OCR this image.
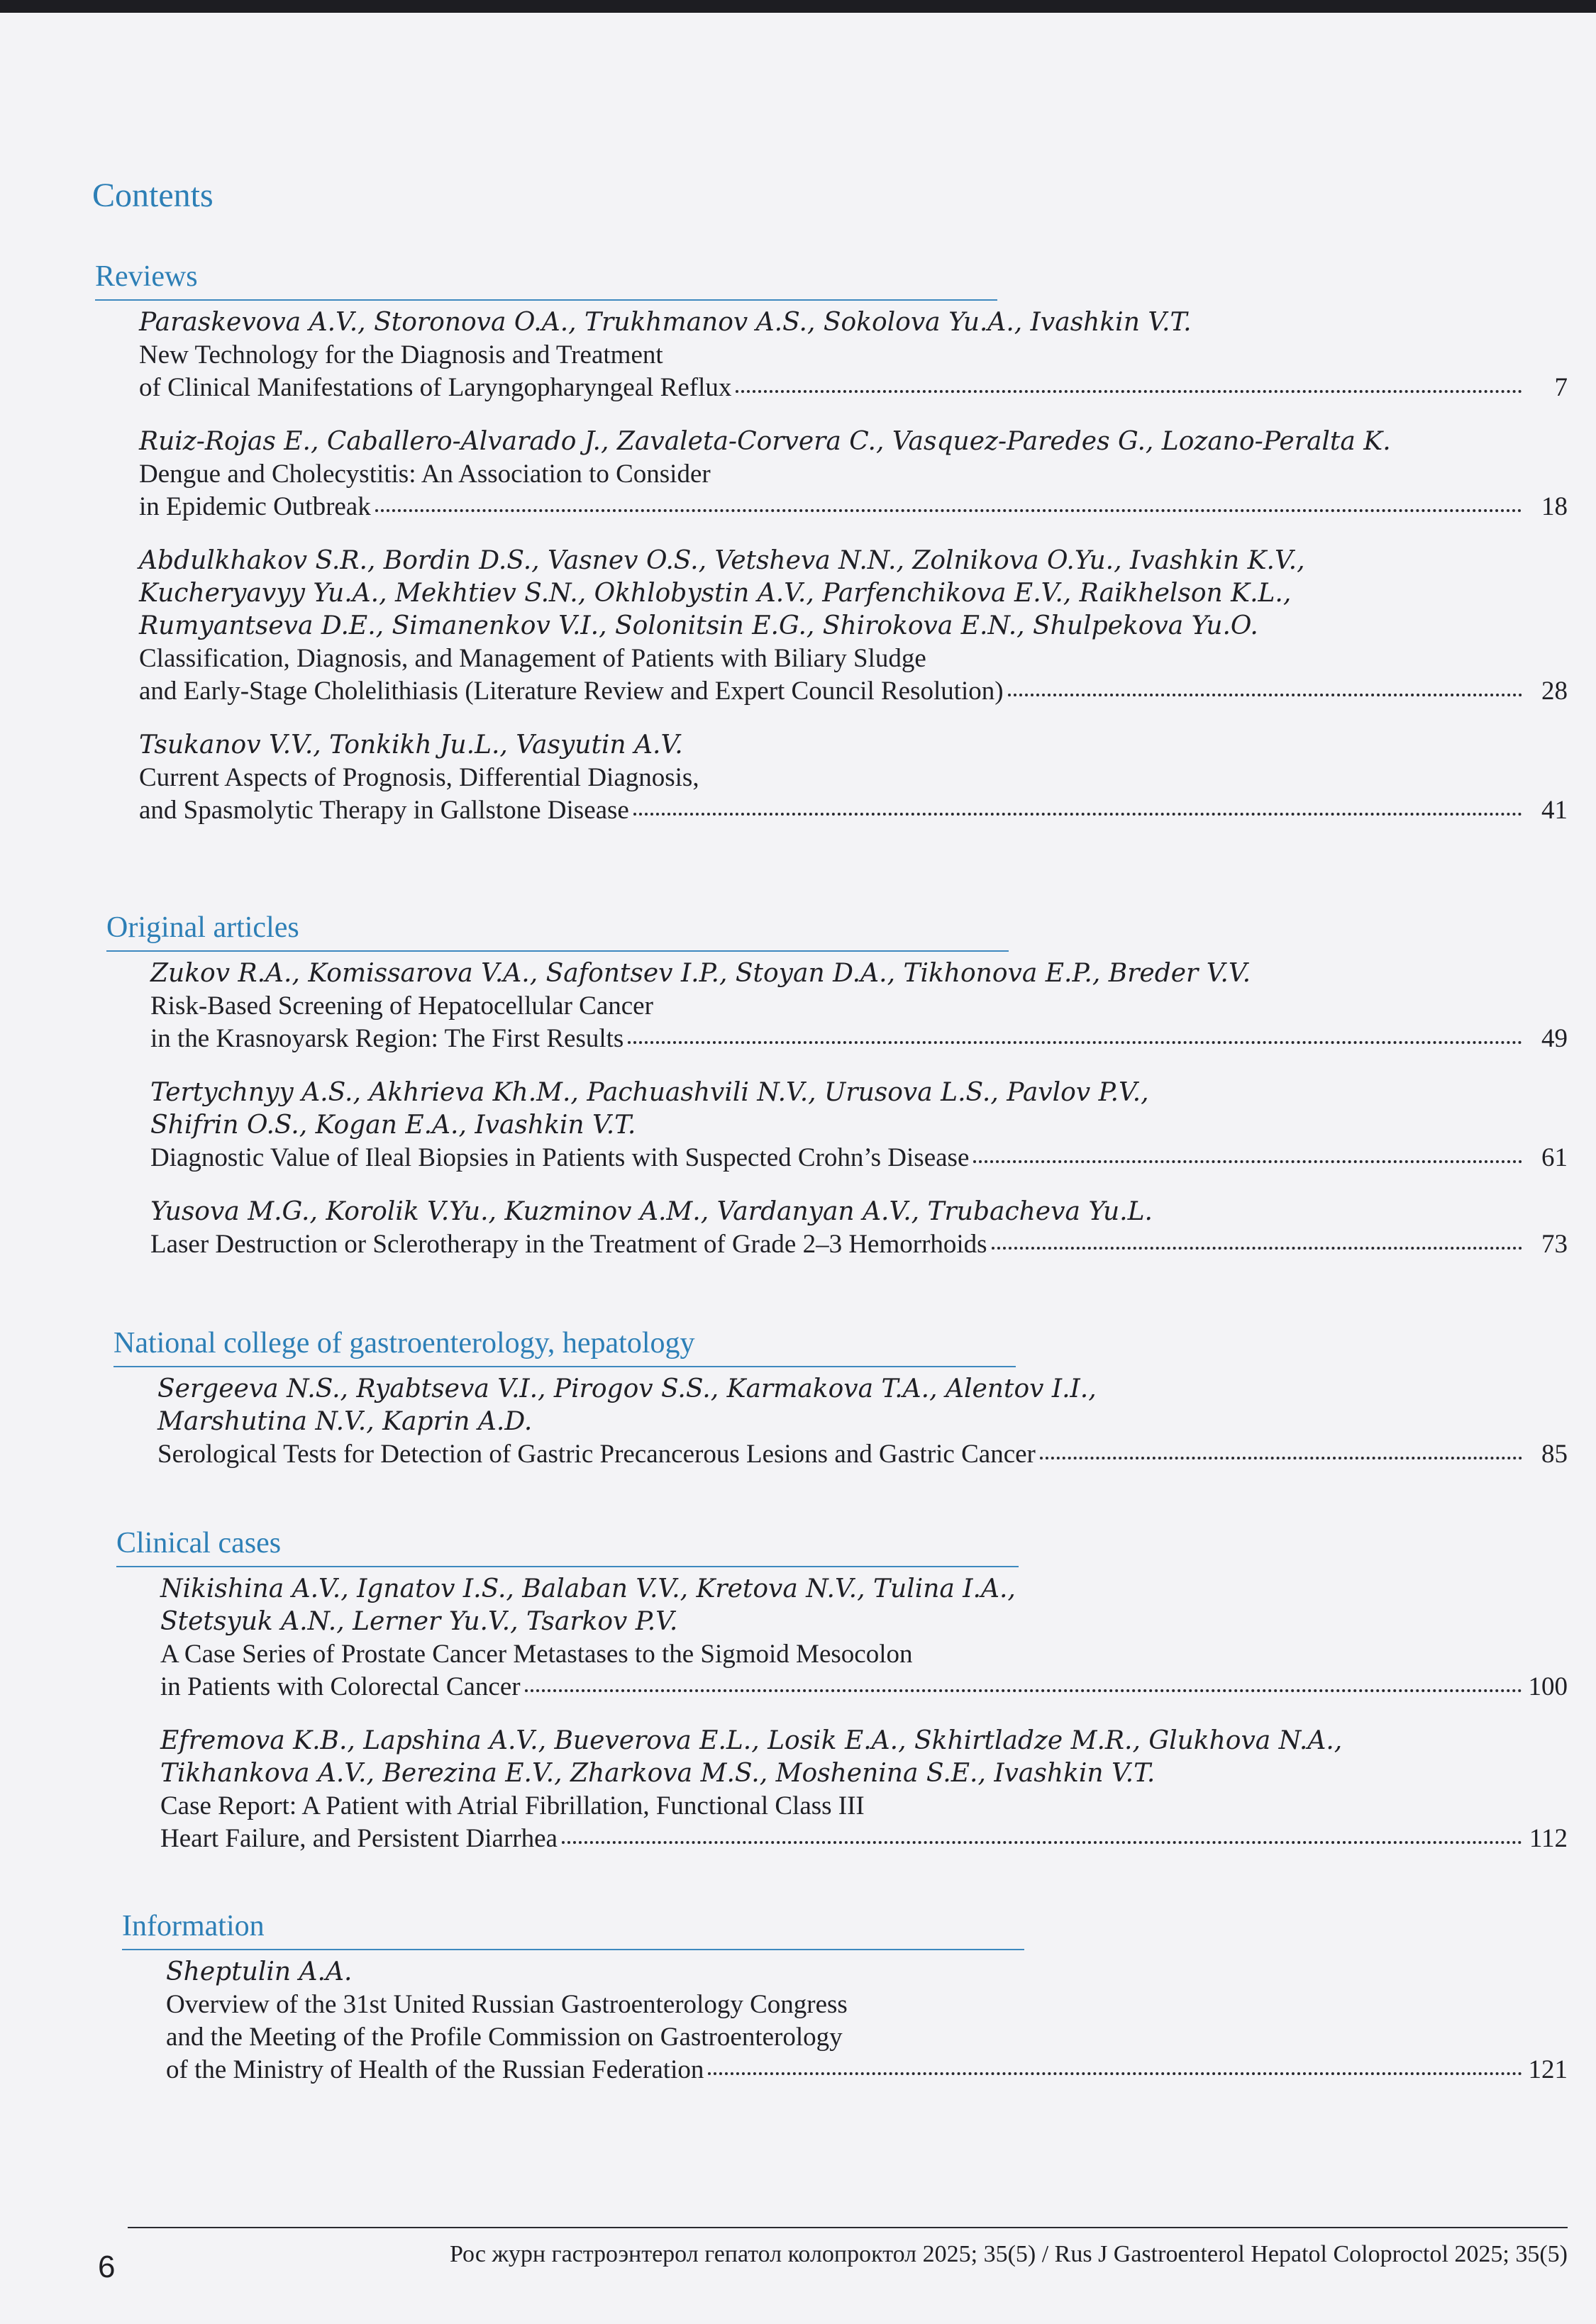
Contents
Reviews

Paraskevova A.V., Storonova O.A., Trukhmanov A.S., Sokolova Yu.A., Ivashkin V.T.

New Technology for the Diagnosis and Treatment

of Clinical Manifestations of Laryngopharyngeal Reflux	7

Ruiz-Rojas E., Caballero-Alvarado J., Zavaleta-Corvera C., Vasquez-Paredes G., Lozano-Peralta K.

Dengue and Cholecystitis: An Association to Consider

in Epidemic Outbreak	18

Abdulkhakov S.R., Bordin D.S., Vasnev O.S., Vetsheva N.N., Zolnikova O.Yu., Ivashkin K.V.,
Kucheryavyy Yu.A., Mekhtiev S.N., Okhlobystin A.V., Parfenchikova E.V., Raikhelson K.L.,
Rumyantseva D.E., Simanenkov V.I., Solonitsin E.G., Shirokova E.N., Shulpekova Yu.O.

Classification, Diagnosis, and Management of Patients with Biliary Sludge

and Early-Stage Cholelithiasis (Literature Review and Expert Council Resolution)	28

Tsukanov V.V., Tonkikh Ju.L., Vasyutin A.V.

Current Aspects of Prognosis, Differential Diagnosis,

and Spasmolytic Therapy in Gallstone Disease	41

Original articles

Zukov R.A., Komissarova V.A., Safontsev I.P., Stoyan D.A., Tikhonova E.P., Breder V.V.

Risk-Based Screening of Hepatocellular Cancer

in the Krasnoyarsk Region: The First Results	49

Tertychnyy A.S., Akhrieva Kh.M., Pachuashvili N.V., Urusova L.S., Pavlov P.V.,
Shifrin O.S., Kogan E.A., Ivashkin V.T.

Diagnostic Value of Ileal Biopsies in Patients with Suspected Crohn’s Disease	61

Yusova M.G., Korolik V.Yu., Kuzminov A.M., Vardanyan A.V., Trubacheva Yu.L.

Laser Destruction or Sclerotherapy in the Treatment of Grade 2–3 Hemorrhoids	73

National college of gastroenterology, hepatology

Sergeeva N.S., Ryabtseva V.I., Pirogov S.S., Karmakova T.A., Alentov I.I.,
Marshutina N.V., Kaprin A.D.

Serological Tests for Detection of Gastric Precancerous Lesions and Gastric Cancer	85

Clinical cases

Nikishina A.V., Ignatov I.S., Balaban V.V., Kretova N.V., Tulina I.A.,
Stetsyuk A.N., Lerner Yu.V., Tsarkov P.V.

A Case Series of Prostate Cancer Metastases to the Sigmoid Mesocolon

in Patients with Colorectal Cancer	100

Efremova K.B., Lapshina A.V., Bueverova E.L., Losik E.A., Skhirtladze M.R., Glukhova N.A.,
Tikhankova A.V., Berezina E.V., Zharkova M.S., Moshenina S.E., Ivashkin V.T.

Case Report: A Patient with Atrial Fibrillation, Functional Class III

Heart Failure, and Persistent Diarrhea	112

Information

Sheptulin A.A.

Overview of the 31st United Russian Gastroenterology Congress

and the Meeting of the Profile Commission on Gastroenterology

of the Ministry of Health of the Russian Federation	121

6	Рос журн гастроэнтерол гепатол колопроктол 2025; 35(5) / Rus J Gastroenterol Hepatol Coloproctol 2025; 35(5)
